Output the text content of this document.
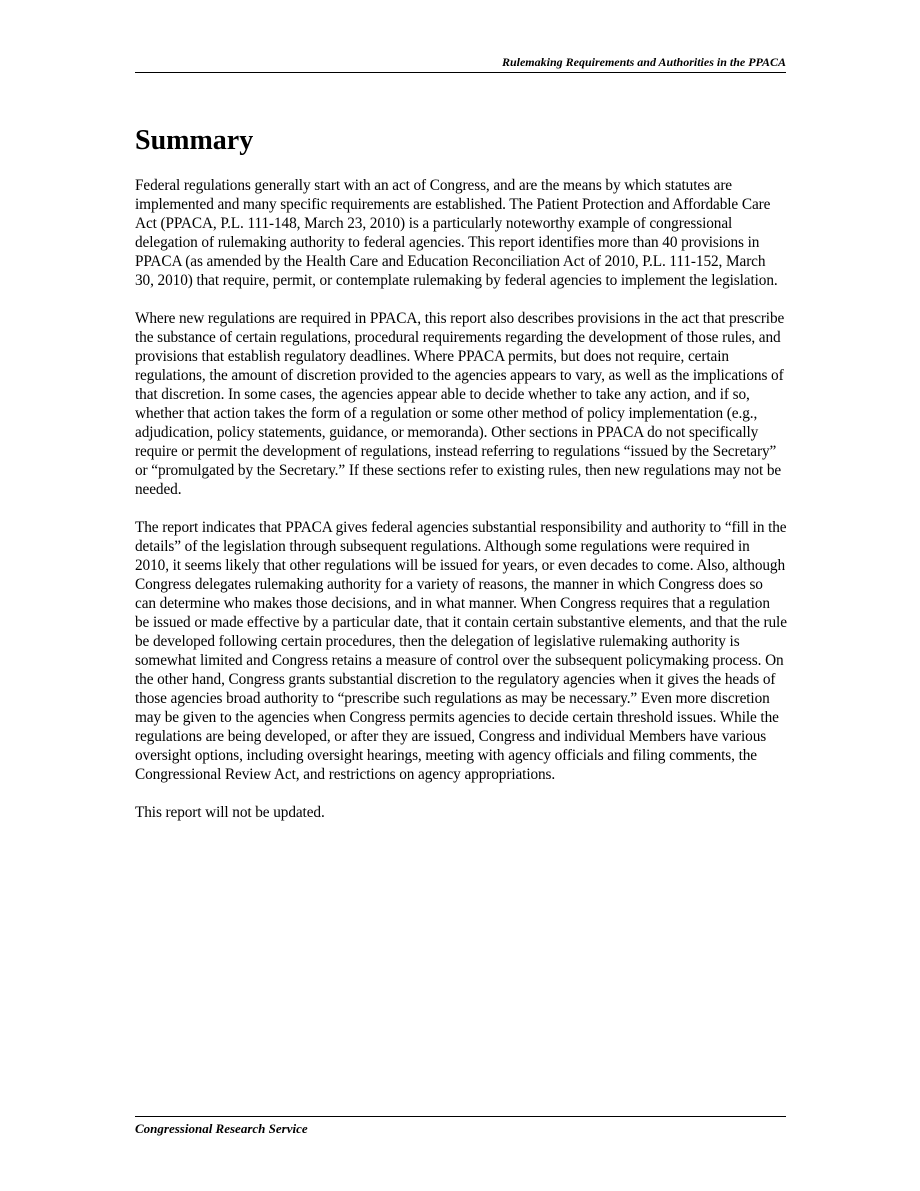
Rulemaking Requirements and Authorities in the PPACA
Summary

Federal regulations generally start with an act of Congress, and are the means by which statutes are implemented and many specific requirements are established. The Patient Protection and Affordable Care Act (PPACA, P.L. 111-148, March 23, 2010) is a particularly noteworthy example of congressional delegation of rulemaking authority to federal agencies. This report identifies more than 40 provisions in PPACA (as amended by the Health Care and Education Reconciliation Act of 2010, P.L. 111-152, March 30, 2010) that require, permit, or contemplate rulemaking by federal agencies to implement the legislation.

Where new regulations are required in PPACA, this report also describes provisions in the act that prescribe the substance of certain regulations, procedural requirements regarding the development of those rules, and provisions that establish regulatory deadlines. Where PPACA permits, but does not require, certain regulations, the amount of discretion provided to the agencies appears to vary, as well as the implications of that discretion. In some cases, the agencies appear able to decide whether to take any action, and if so, whether that action takes the form of a regulation or some other method of policy implementation (e.g., adjudication, policy statements, guidance, or memoranda). Other sections in PPACA do not specifically require or permit the development of regulations, instead referring to regulations “issued by the Secretary” or “promulgated by the Secretary.” If these sections refer to existing rules, then new regulations may not be needed.

The report indicates that PPACA gives federal agencies substantial responsibility and authority to “fill in the details” of the legislation through subsequent regulations. Although some regulations were required in 2010, it seems likely that other regulations will be issued for years, or even decades to come. Also, although Congress delegates rulemaking authority for a variety of reasons, the manner in which Congress does so can determine who makes those decisions, and in what manner. When Congress requires that a regulation be issued or made effective by a particular date, that it contain certain substantive elements, and that the rule be developed following certain procedures, then the delegation of legislative rulemaking authority is somewhat limited and Congress retains a measure of control over the subsequent policymaking process. On the other hand, Congress grants substantial discretion to the regulatory agencies when it gives the heads of those agencies broad authority to “prescribe such regulations as may be necessary.” Even more discretion may be given to the agencies when Congress permits agencies to decide certain threshold issues. While the regulations are being developed, or after they are issued, Congress and individual Members have various oversight options, including oversight hearings, meeting with agency officials and filing comments, the Congressional Review Act, and restrictions on agency appropriations.

This report will not be updated.

Congressional Research Service
